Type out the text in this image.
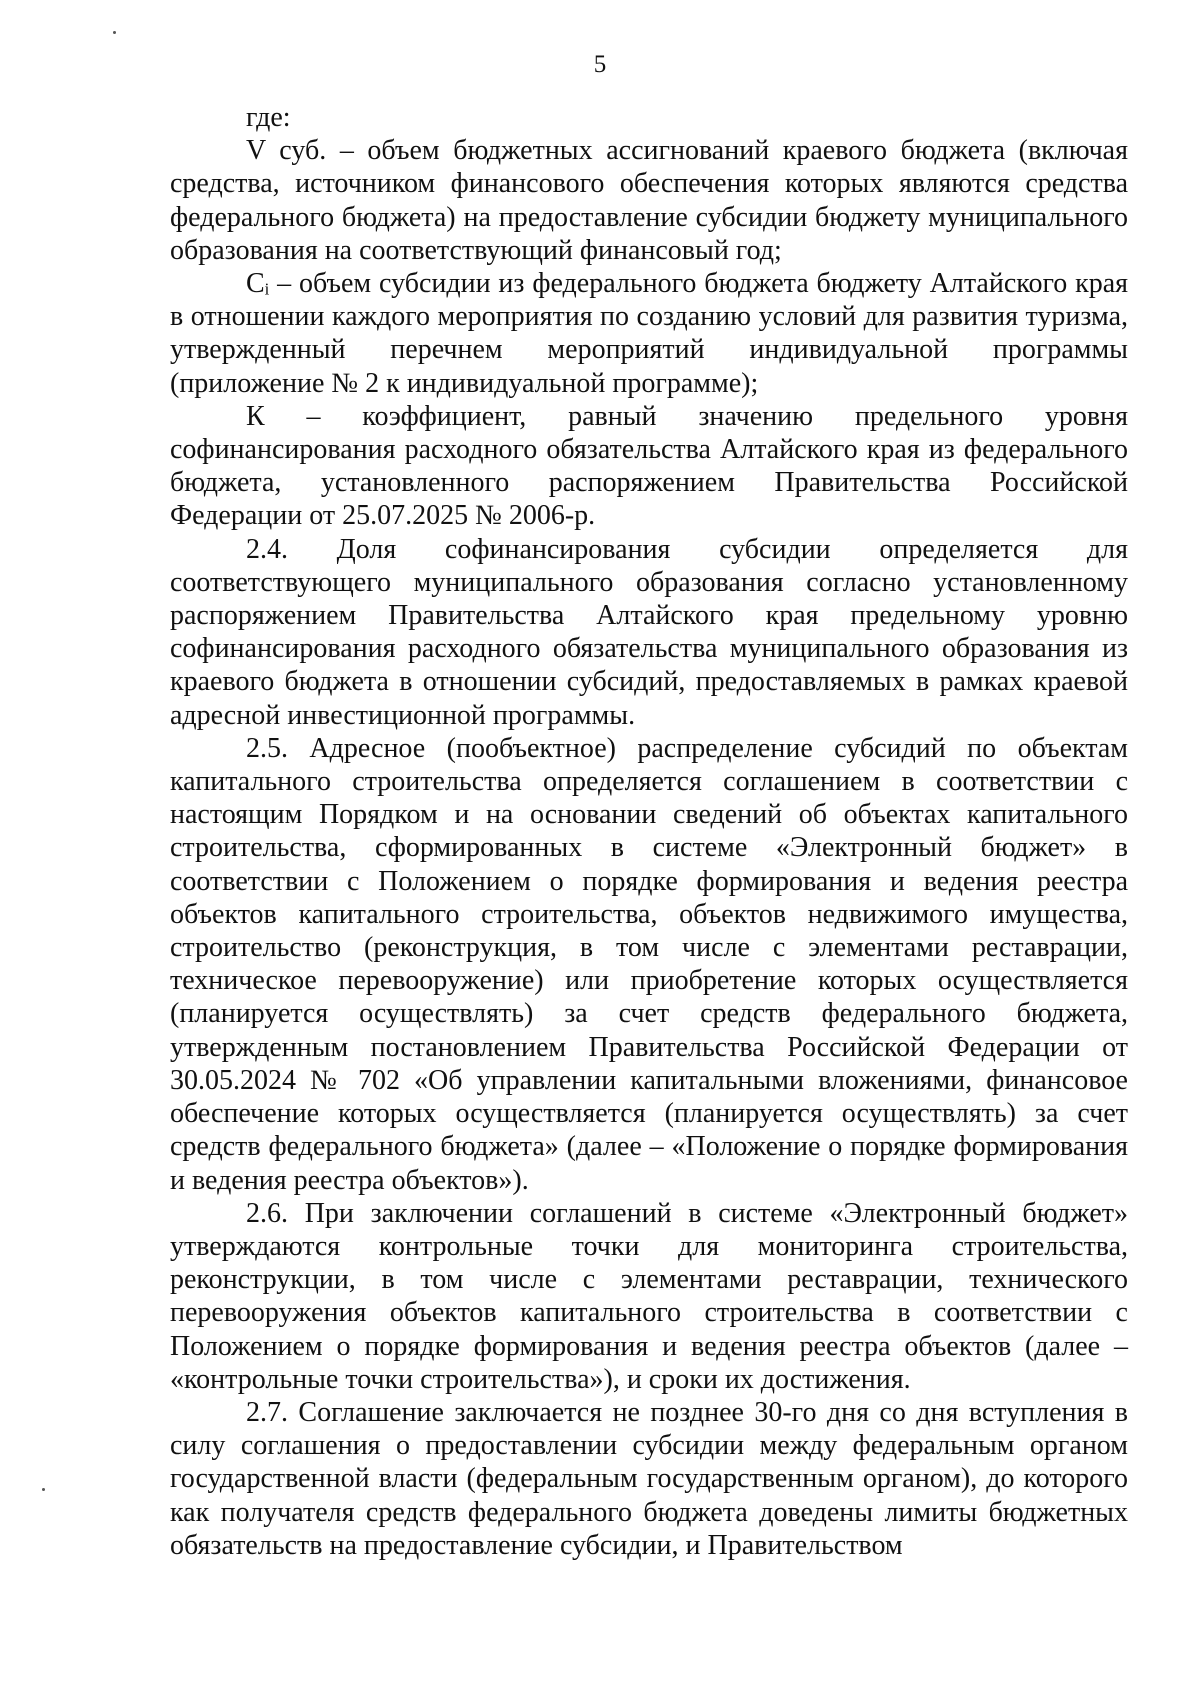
5

где:

V суб. – объем бюджетных ассигнований краевого бюджета (включая средства, источником финансового обеспечения которых являются средства федерального бюджета) на предоставление субсидии бюджету муниципального образования на соответствующий финансовый год;

Cᵢ – объем субсидии из федерального бюджета бюджету Алтайского края в отношении каждого мероприятия по созданию условий для развития туризма, утвержденный перечнем мероприятий индивидуальной программы (приложение № 2 к индивидуальной программе);

К – коэффициент, равный значению предельного уровня софинансирования расходного обязательства Алтайского края из федерального бюджета, установленного распоряжением Правительства Российской Федерации от 25.07.2025 № 2006-р.

2.4. Доля софинансирования субсидии определяется для соответствующего муниципального образования согласно установленному распоряжением Правительства Алтайского края предельному уровню софинансирования расходного обязательства муниципального образования из краевого бюджета в отношении субсидий, предоставляемых в рамках краевой адресной инвестиционной программы.

2.5. Адресное (пообъектное) распределение субсидий по объектам капитального строительства определяется соглашением в соответствии с настоящим Порядком и на основании сведений об объектах капитального строительства, сформированных в системе «Электронный бюджет» в соответствии с Положением о порядке формирования и ведения реестра объектов капитального строительства, объектов недвижимого имущества, строительство (реконструкция, в том числе с элементами реставрации, техническое перевооружение) или приобретение которых осуществляется (планируется осуществлять) за счет средств федерального бюджета, утвержденным постановлением Правительства Российской Федерации от 30.05.2024 № 702 «Об управлении капитальными вложениями, финансовое обеспечение которых осуществляется (планируется осуществлять) за счет средств федерального бюджета» (далее – «Положение о порядке формирования и ведения реестра объектов»).

2.6. При заключении соглашений в системе «Электронный бюджет» утверждаются контрольные точки для мониторинга строительства, реконструкции, в том числе с элементами реставрации, технического перевооружения объектов капитального строительства в соответствии с Положением о порядке формирования и ведения реестра объектов (далее – «контрольные точки строительства»), и сроки их достижения.

2.7. Соглашение заключается не позднее 30-го дня со дня вступления в силу соглашения о предоставлении субсидии между федеральным органом государственной власти (федеральным государственным органом), до которого как получателя средств федерального бюджета доведены лимиты бюджетных обязательств на предоставление субсидии, и Правительством
